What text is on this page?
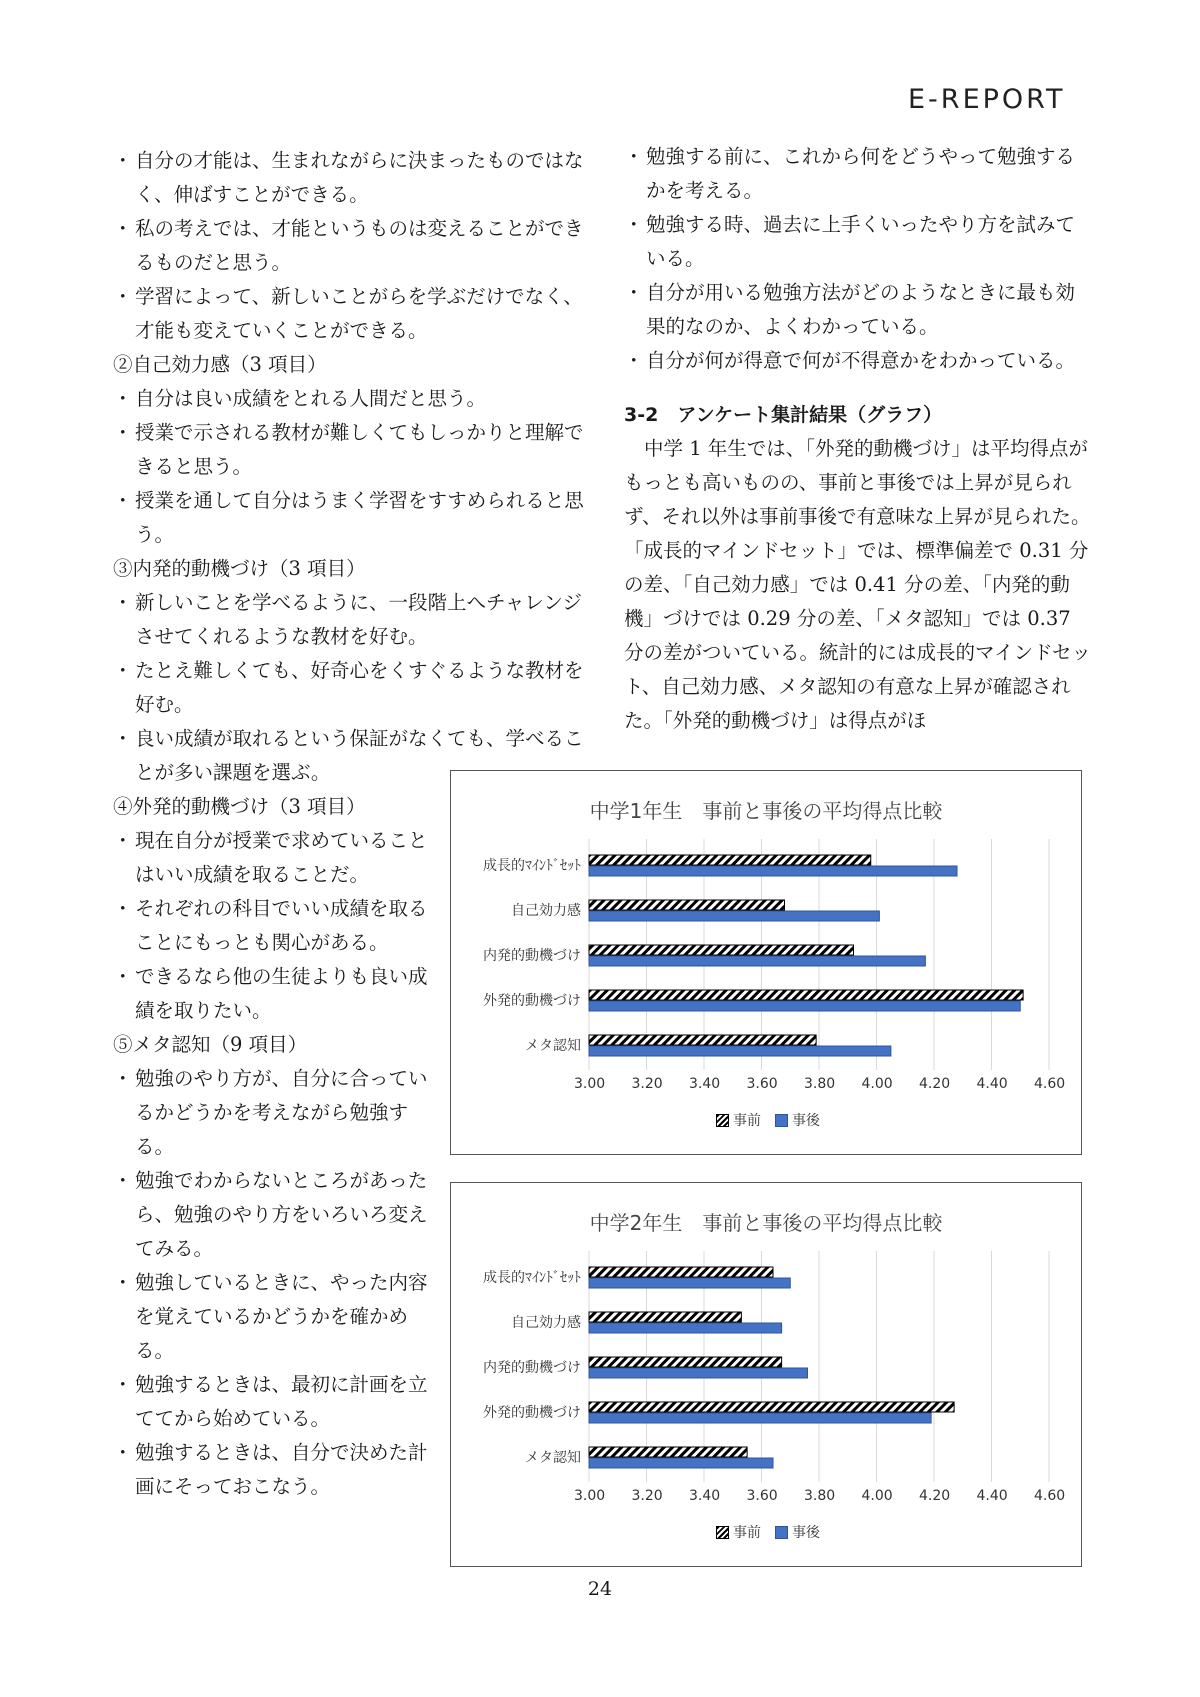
E-REPORT
・ 自分の才能は、生まれながらに決まったものではなく、伸ばすことができる。
・ 私の考えでは、才能というものは変えることができるものだと思う。
・ 学習によって、新しいことがらを学ぶだけでなく、才能も変えていくことができる。
②自己効力感（3 項目）
・ 自分は良い成績をとれる人間だと思う。
・ 授業で示される教材が難しくてもしっかりと理解できると思う。
・ 授業を通して自分はうまく学習をすすめられると思う。
③内発的動機づけ（3 項目）
・ 新しいことを学べるように、一段階上へチャレンジさせてくれるような教材を好む。
・ たとえ難しくても、好奇心をくすぐるような教材を好む。
・ 良い成績が取れるという保証がなくても、学べることが多い課題を選ぶ。
④外発的動機づけ（3 項目）
・ 現在自分が授業で求めていることはいい成績を取ることだ。
・ それぞれの科目でいい成績を取ることにもっとも関心がある。
・ できるなら他の生徒よりも良い成績を取りたい。
⑤メタ認知（9 項目）
・ 勉強のやり方が、自分に合っているかどうかを考えながら勉強する。
・ 勉強でわからないところがあったら、勉強のやり方をいろいろ変えてみる。
・ 勉強しているときに、やった内容を覚えているかどうかを確かめる。
・ 勉強するときは、最初に計画を立ててから始めている。
・ 勉強するときは、自分で決めた計画にそっておこなう。
・ 勉強する前に、これから何をどうやって勉強するかを考える。
・ 勉強する時、過去に上手くいったやり方を試みている。
・ 自分が用いる勉強方法がどのようなときに最も効果的なのか、よくわかっている。
・ 自分が何が得意で何が不得意かをわかっている。
3-2　アンケート集計結果（グラフ）
中学 1 年生では、「外発的動機づけ」は平均得点がもっとも高いものの、事前と事後では上昇が見られず、それ以外は事前事後で有意味な上昇が見られた。「成長的マインドセット」では、標準偏差で 0.31 分の差、「自己効力感」では 0.41 分の差、「内発的動機」づけでは 0.29 分の差、「メタ認知」では 0.37 分の差がついている。統計的には成長的マインドセット、自己効力感、メタ認知の有意な上昇が確認された。「外発的動機づけ」は得点がほ
中学1年生　事前と事後の平均得点比較
成長的ﾏｲﾝﾄﾞｾｯﾄ
自己効力感
内発的動機づけ
外発的動機づけ
メタ認知
3.00 3.20 3.40 3.60 3.80 4.00 4.20 4.40 4.60
事前 事後
中学2年生　事前と事後の平均得点比較
成長的ﾏｲﾝﾄﾞｾｯﾄ
自己効力感
内発的動機づけ
外発的動機づけ
メタ認知
3.00 3.20 3.40 3.60 3.80 4.00 4.20 4.40 4.60
事前 事後
24
